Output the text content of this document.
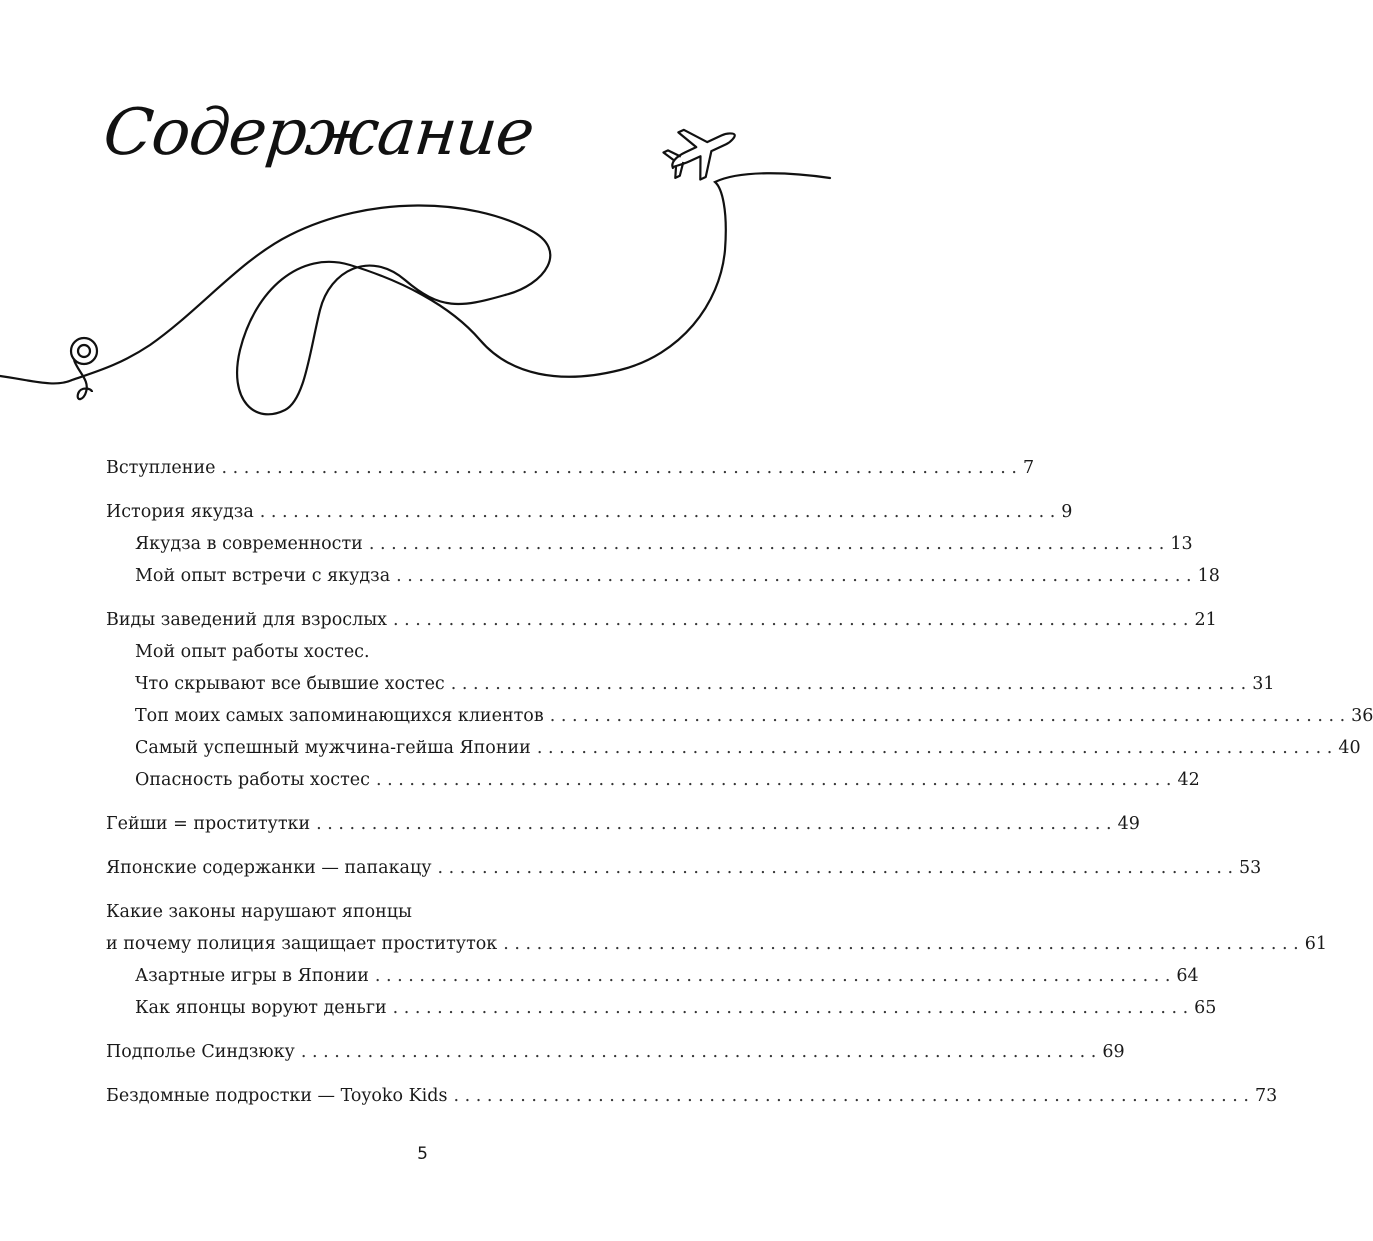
Содержание
Вступление . . .	7
История якудза . . .	9
Якудза в современности . . .	13
Мой опыт встречи с якудза . . .	18
Виды заведений для взрослых . . .	21
Мой опыт работы хостес.
Что скрывают все бывшие хостес . . .	31
Топ моих самых запоминающихся клиентов . . .	36
Самый успешный мужчина-гейша Японии . . .	40
Опасность работы хостес . . .	42
Гейши = проститутки . . .	49
Японские содержанки — папакацу . . .	53
Какие законы нарушают японцы
и почему полиция защищает проституток . . .	61
Азартные игры в Японии . . .	64
Как японцы воруют деньги . . .	65
Подполье Синдзюку . . .	69
Бездомные подростки — Toyoko Kids . . .	73
5
